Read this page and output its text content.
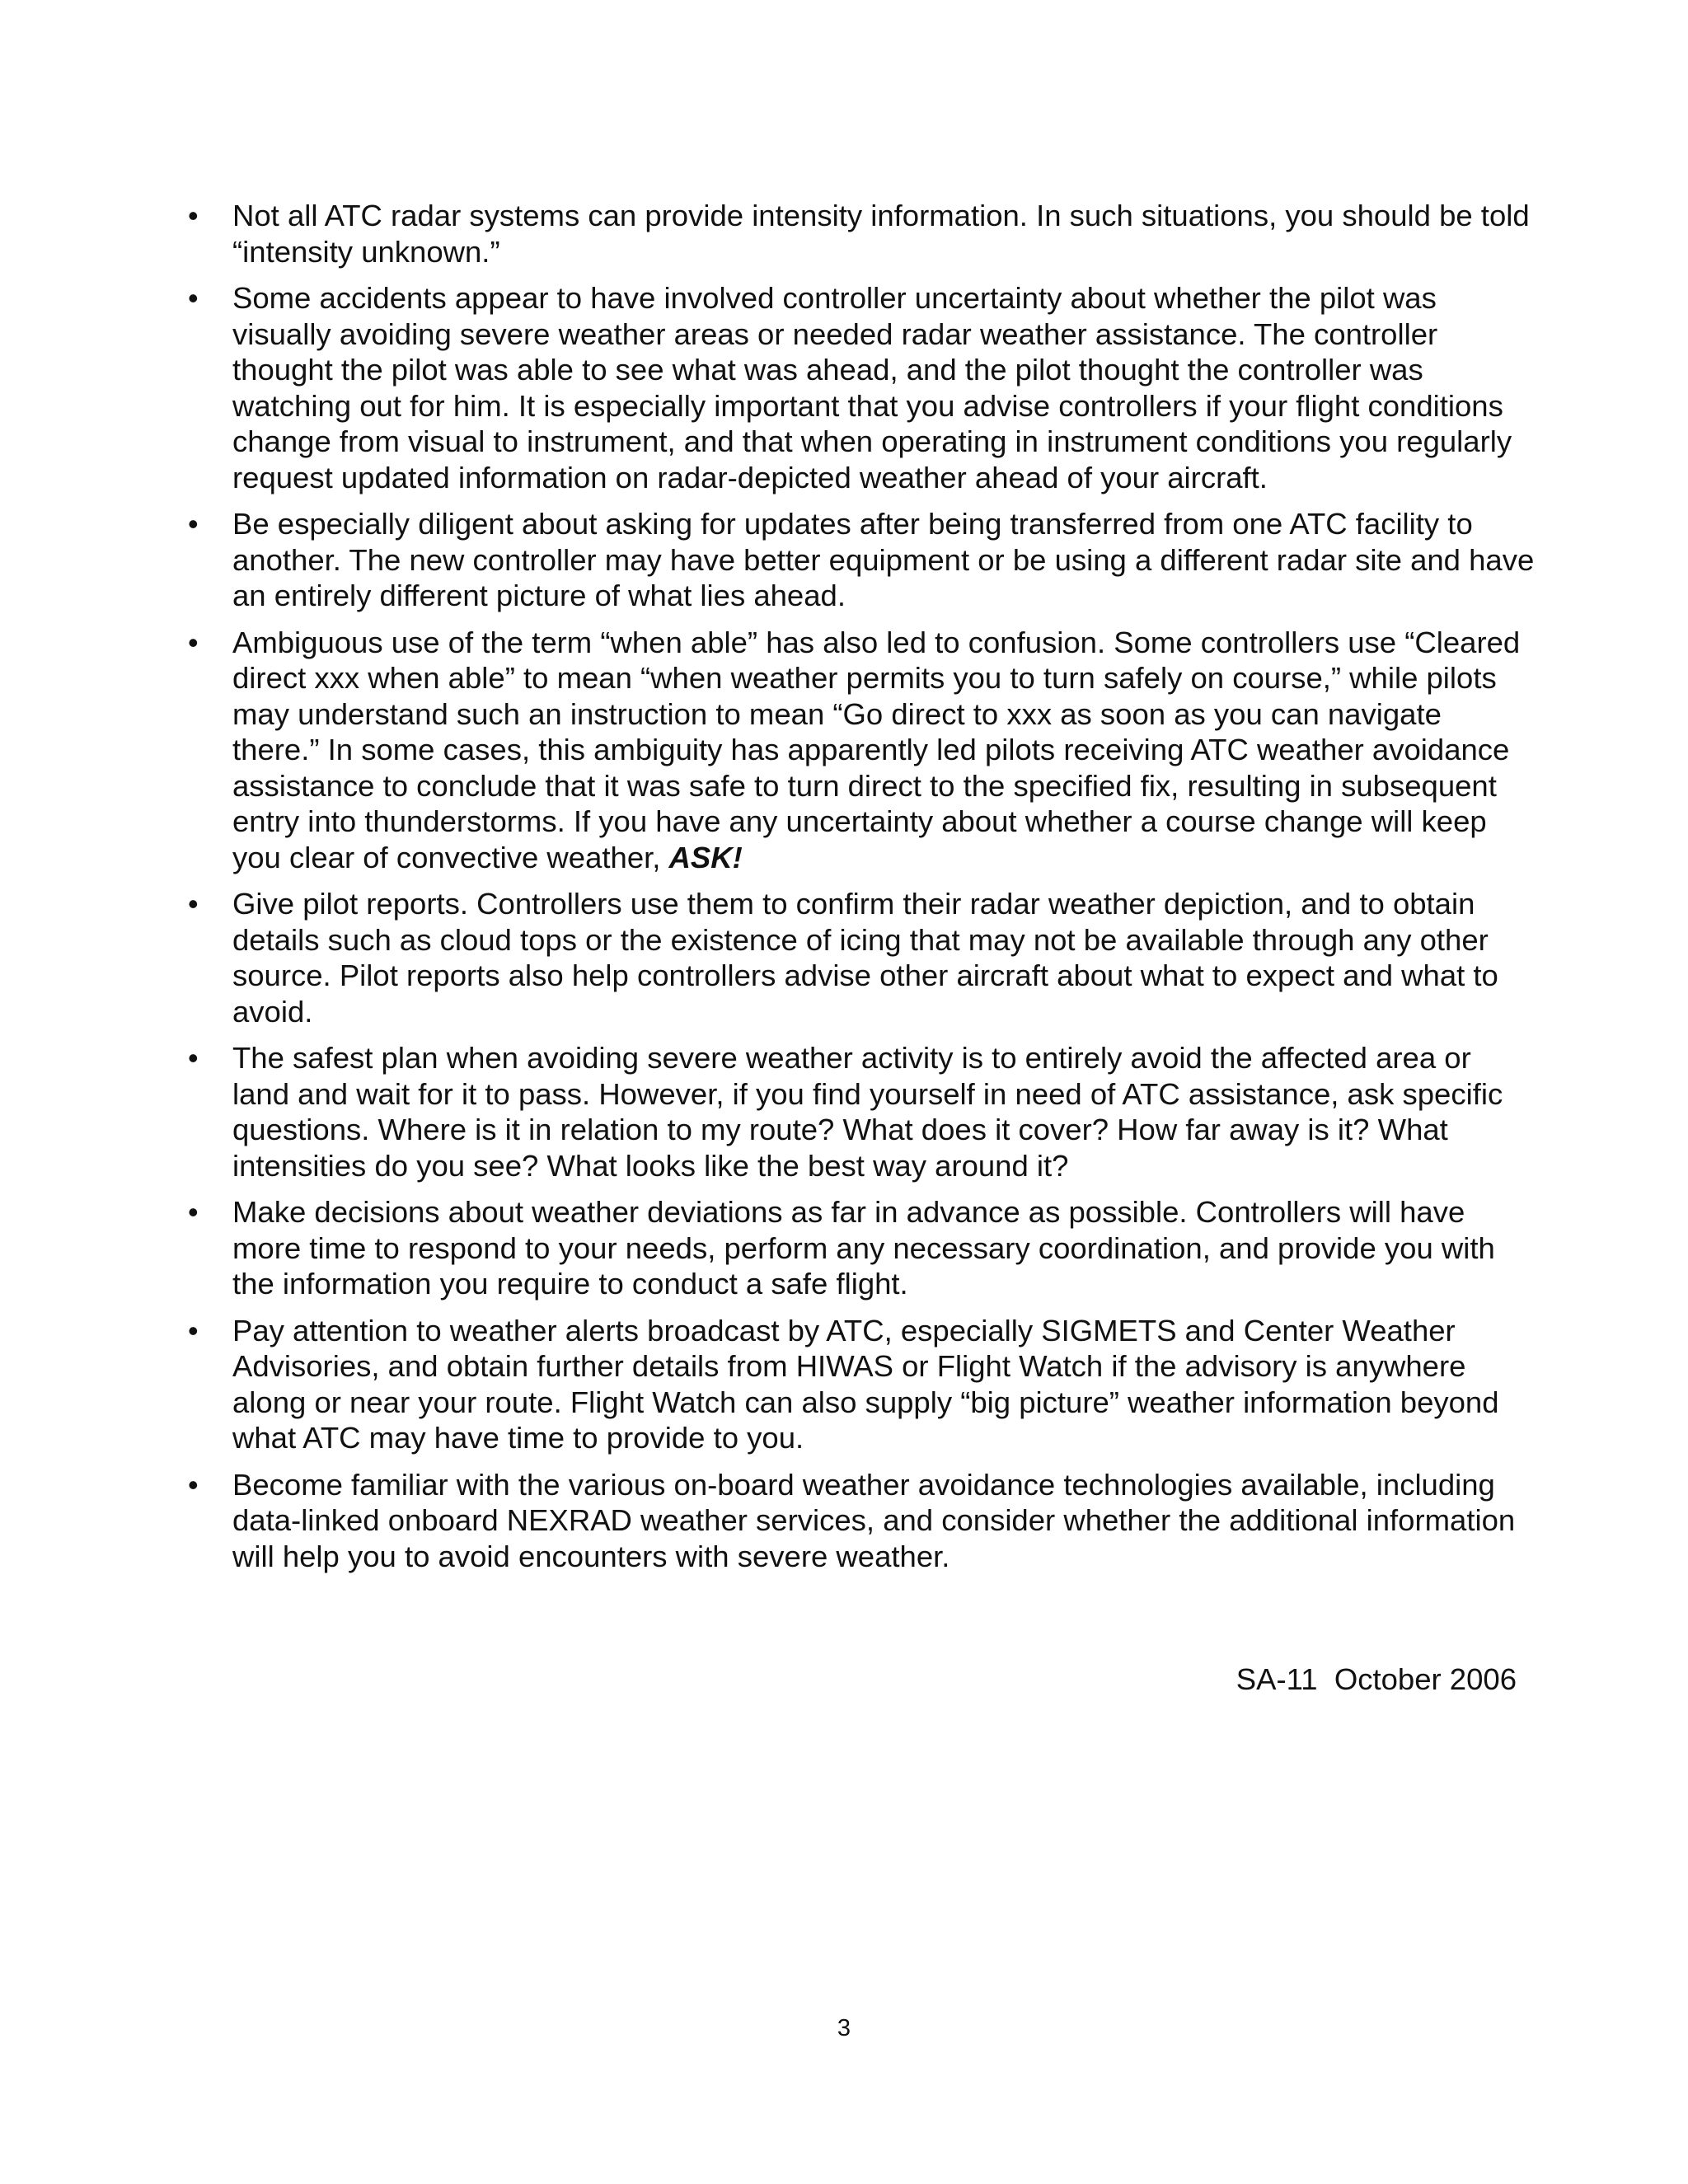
•	Not all ATC radar systems can provide intensity information. In such situations, you should be told “intensity unknown.”
•	Some accidents appear to have involved controller uncertainty about whether the pilot was visually avoiding severe weather areas or needed radar weather assistance. The controller thought the pilot was able to see what was ahead, and the pilot thought the controller was watching out for him. It is especially important that you advise controllers if your flight conditions change from visual to instrument, and that when operating in instrument conditions you regularly request updated information on radar-depicted weather ahead of your aircraft.
•	Be especially diligent about asking for updates after being transferred from one ATC facility to another. The new controller may have better equipment or be using a different radar site and have an entirely different picture of what lies ahead.
•	Ambiguous use of the term “when able” has also led to confusion. Some controllers use “Cleared direct xxx when able” to mean “when weather permits you to turn safely on course,” while pilots may understand such an instruction to mean “Go direct to xxx as soon as you can navigate there.” In some cases, this ambiguity has apparently led pilots receiving ATC weather avoidance assistance to conclude that it was safe to turn direct to the specified fix, resulting in subsequent entry into thunderstorms. If you have any uncertainty about whether a course change will keep you clear of convective weather, ASK!
•	Give pilot reports. Controllers use them to confirm their radar weather depiction, and to obtain details such as cloud tops or the existence of icing that may not be available through any other source. Pilot reports also help controllers advise other aircraft about what to expect and what to avoid.
•	The safest plan when avoiding severe weather activity is to entirely avoid the affected area or land and wait for it to pass. However, if you find yourself in need of ATC assistance, ask specific questions. Where is it in relation to my route? What does it cover? How far away is it? What intensities do you see? What looks like the best way around it?
•	Make decisions about weather deviations as far in advance as possible. Controllers will have more time to respond to your needs, perform any necessary coordination, and provide you with the information you require to conduct a safe flight.
•	Pay attention to weather alerts broadcast by ATC, especially SIGMETS and Center Weather Advisories, and obtain further details from HIWAS or Flight Watch if the advisory is anywhere along or near your route. Flight Watch can also supply “big picture” weather information beyond what ATC may have time to provide to you.
•	Become familiar with the various on-board weather avoidance technologies available, including data-linked onboard NEXRAD weather services, and consider whether the additional information will help you to avoid encounters with severe weather.
SA-11  October 2006
3
